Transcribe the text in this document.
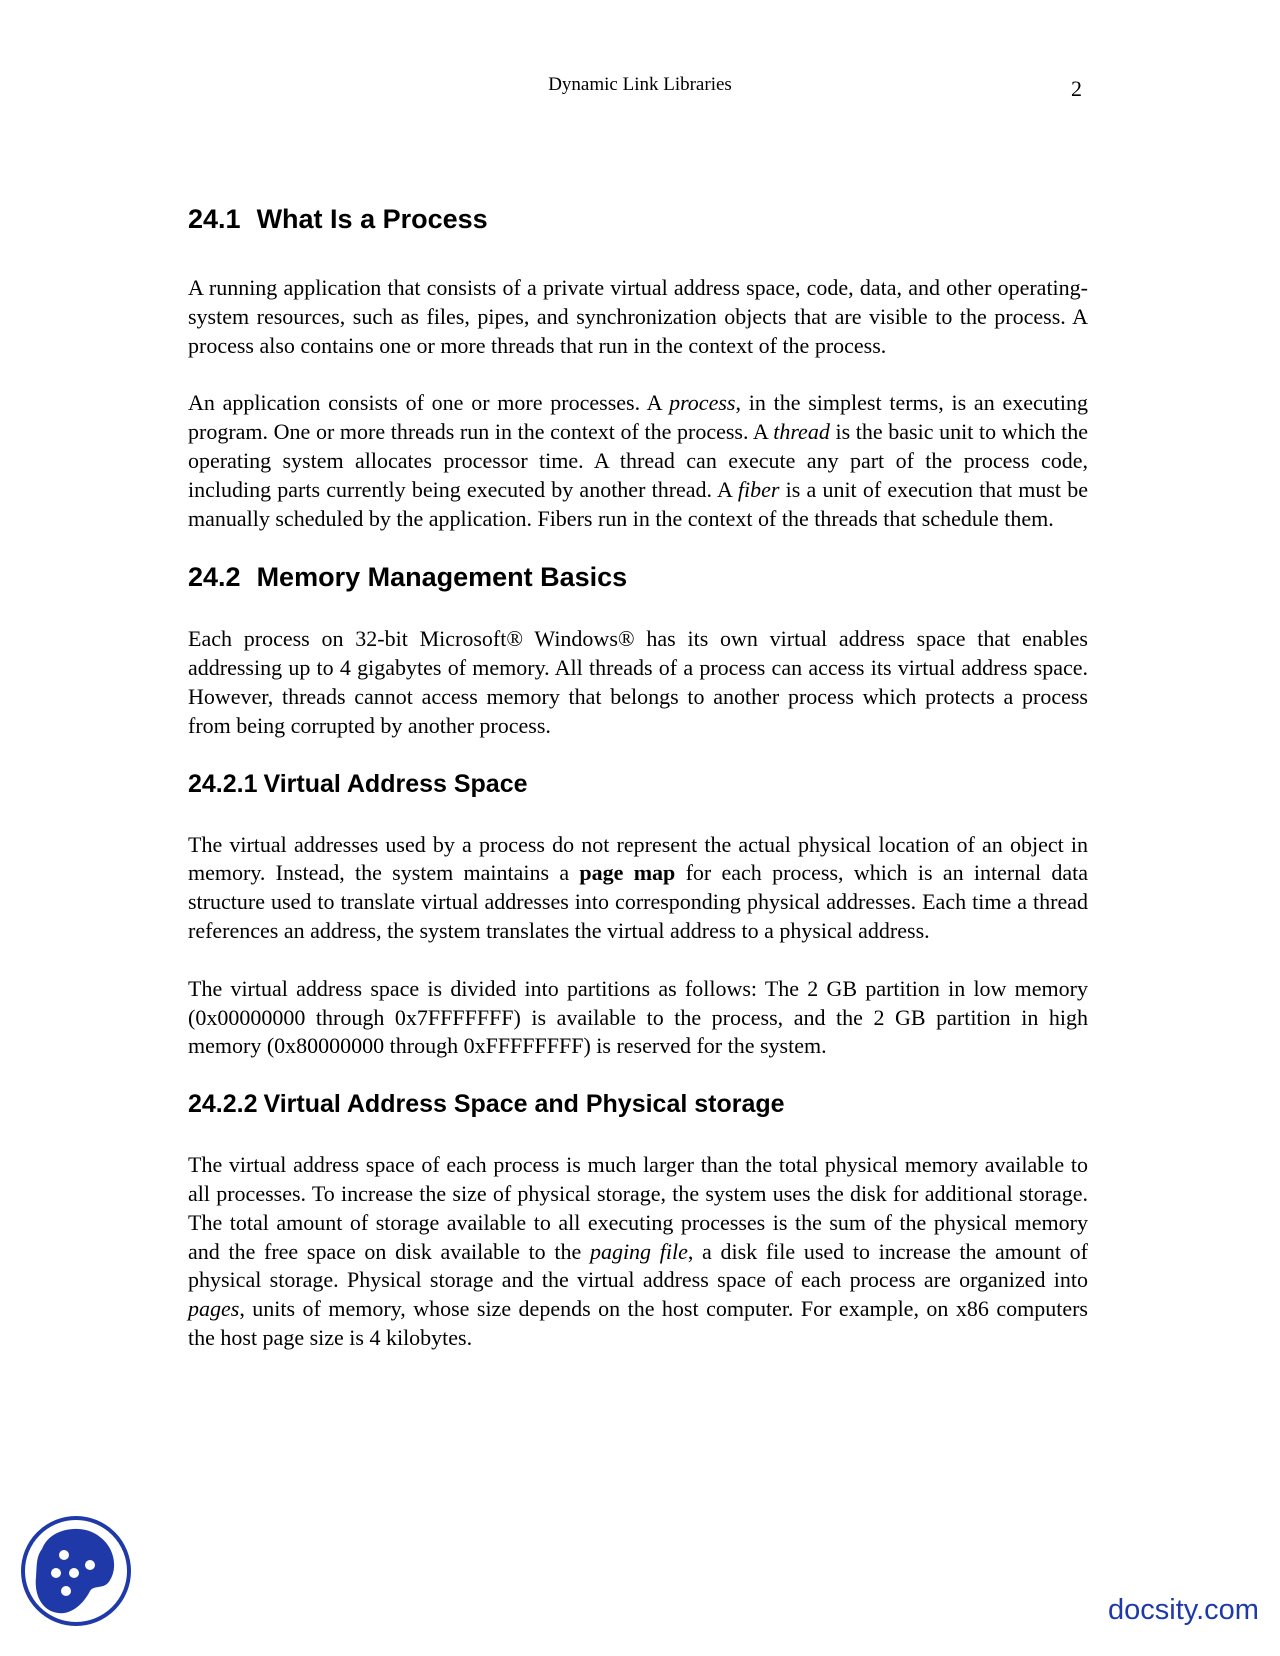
Dynamic Link Libraries	2
24.1 What Is a Process

A running application that consists of a private virtual address space, code, data, and other operating-system resources, such as files, pipes, and synchronization objects that are visible to the process. A process also contains one or more threads that run in the context of the process.

An application consists of one or more processes. A process, in the simplest terms, is an executing program. One or more threads run in the context of the process. A thread is the basic unit to which the operating system allocates processor time. A thread can execute any part of the process code, including parts currently being executed by another thread. A fiber is a unit of execution that must be manually scheduled by the application. Fibers run in the context of the threads that schedule them.

24.2 Memory Management Basics

Each process on 32-bit Microsoft® Windows® has its own virtual address space that enables addressing up to 4 gigabytes of memory. All threads of a process can access its virtual address space. However, threads cannot access memory that belongs to another process which protects a process from being corrupted by another process.

24.2.1 Virtual Address Space

The virtual addresses used by a process do not represent the actual physical location of an object in memory. Instead, the system maintains a page map for each process, which is an internal data structure used to translate virtual addresses into corresponding physical addresses. Each time a thread references an address, the system translates the virtual address to a physical address.

The virtual address space is divided into partitions as follows: The 2 GB partition in low memory (0x00000000 through 0x7FFFFFFF) is available to the process, and the 2 GB partition in high memory (0x80000000 through 0xFFFFFFFF) is reserved for the system.

24.2.2 Virtual Address Space and Physical storage

The virtual address space of each process is much larger than the total physical memory available to all processes. To increase the size of physical storage, the system uses the disk for additional storage. The total amount of storage available to all executing processes is the sum of the physical memory and the free space on disk available to the paging file, a disk file used to increase the amount of physical storage. Physical storage and the virtual address space of each process are organized into pages, units of memory, whose size depends on the host computer. For example, on x86 computers the host page size is 4 kilobytes.

docsity.com
